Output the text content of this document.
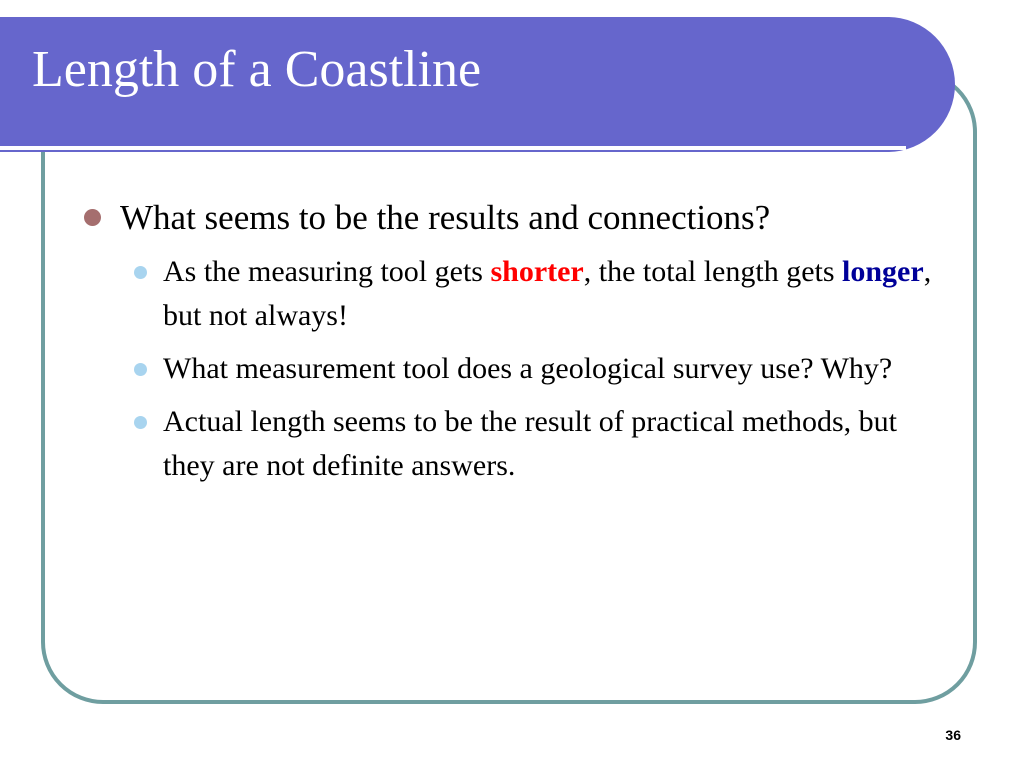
Length of a Coastline
What seems to be the results and connections?
As the measuring tool gets shorter, the total length gets longer, but not always!
What measurement tool does a geological survey use? Why?
Actual length seems to be the result of practical methods, but they are not definite answers.
36
